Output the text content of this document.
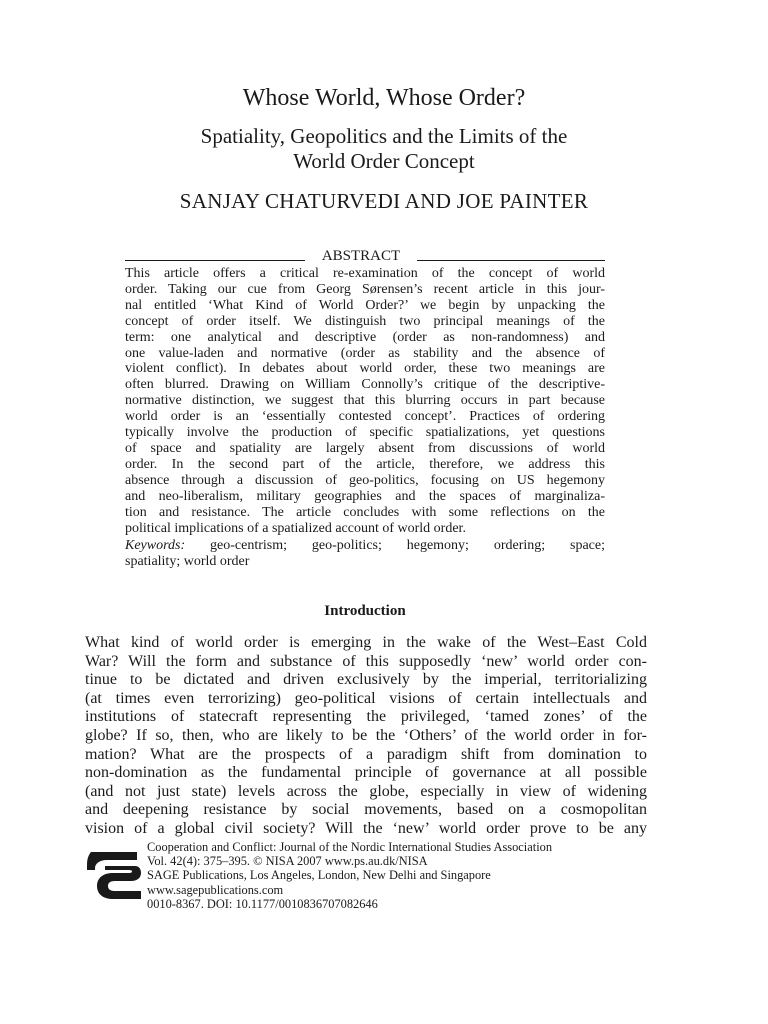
Whose World, Whose Order?
Spatiality, Geopolitics and the Limits of the
World Order Concept
SANJAY CHATURVEDI AND JOE PAINTER
ABSTRACT
This article offers a critical re-examination of the concept of world
order. Taking our cue from Georg Sørensen’s recent article in this jour-
nal entitled ‘What Kind of World Order?’ we begin by unpacking the
concept of order itself. We distinguish two principal meanings of the
term: one analytical and descriptive (order as non-randomness) and
one value-laden and normative (order as stability and the absence of
violent conflict). In debates about world order, these two meanings are
often blurred. Drawing on William Connolly’s critique of the descriptive-
normative distinction, we suggest that this blurring occurs in part because
world order is an ‘essentially contested concept’. Practices of ordering
typically involve the production of specific spatializations, yet questions
of space and spatiality are largely absent from discussions of world
order. In the second part of the article, therefore, we address this
absence through a discussion of geo-politics, focusing on US hegemony
and neo-liberalism, military geographies and the spaces of marginaliza-
tion and resistance. The article concludes with some reflections on the
political implications of a spatialized account of world order.
Keywords: geo-centrism; geo-politics; hegemony; ordering; space;
spatiality; world order
Introduction
What kind of world order is emerging in the wake of the West–East Cold
War? Will the form and substance of this supposedly ‘new’ world order con-
tinue to be dictated and driven exclusively by the imperial, territorializing
(at times even terrorizing) geo-political visions of certain intellectuals and
institutions of statecraft representing the privileged, ‘tamed zones’ of the
globe? If so, then, who are likely to be the ‘Others’ of the world order in for-
mation? What are the prospects of a paradigm shift from domination to
non-domination as the fundamental principle of governance at all possible
(and not just state) levels across the globe, especially in view of widening
and deepening resistance by social movements, based on a cosmopolitan
vision of a global civil society? Will the ‘new’ world order prove to be any
Cooperation and Conflict: Journal of the Nordic International Studies Association
Vol. 42(4): 375–395. © NISA 2007 www.ps.au.dk/NISA
SAGE Publications, Los Angeles, London, New Delhi and Singapore
www.sagepublications.com
0010-8367. DOI: 10.1177/0010836707082646
